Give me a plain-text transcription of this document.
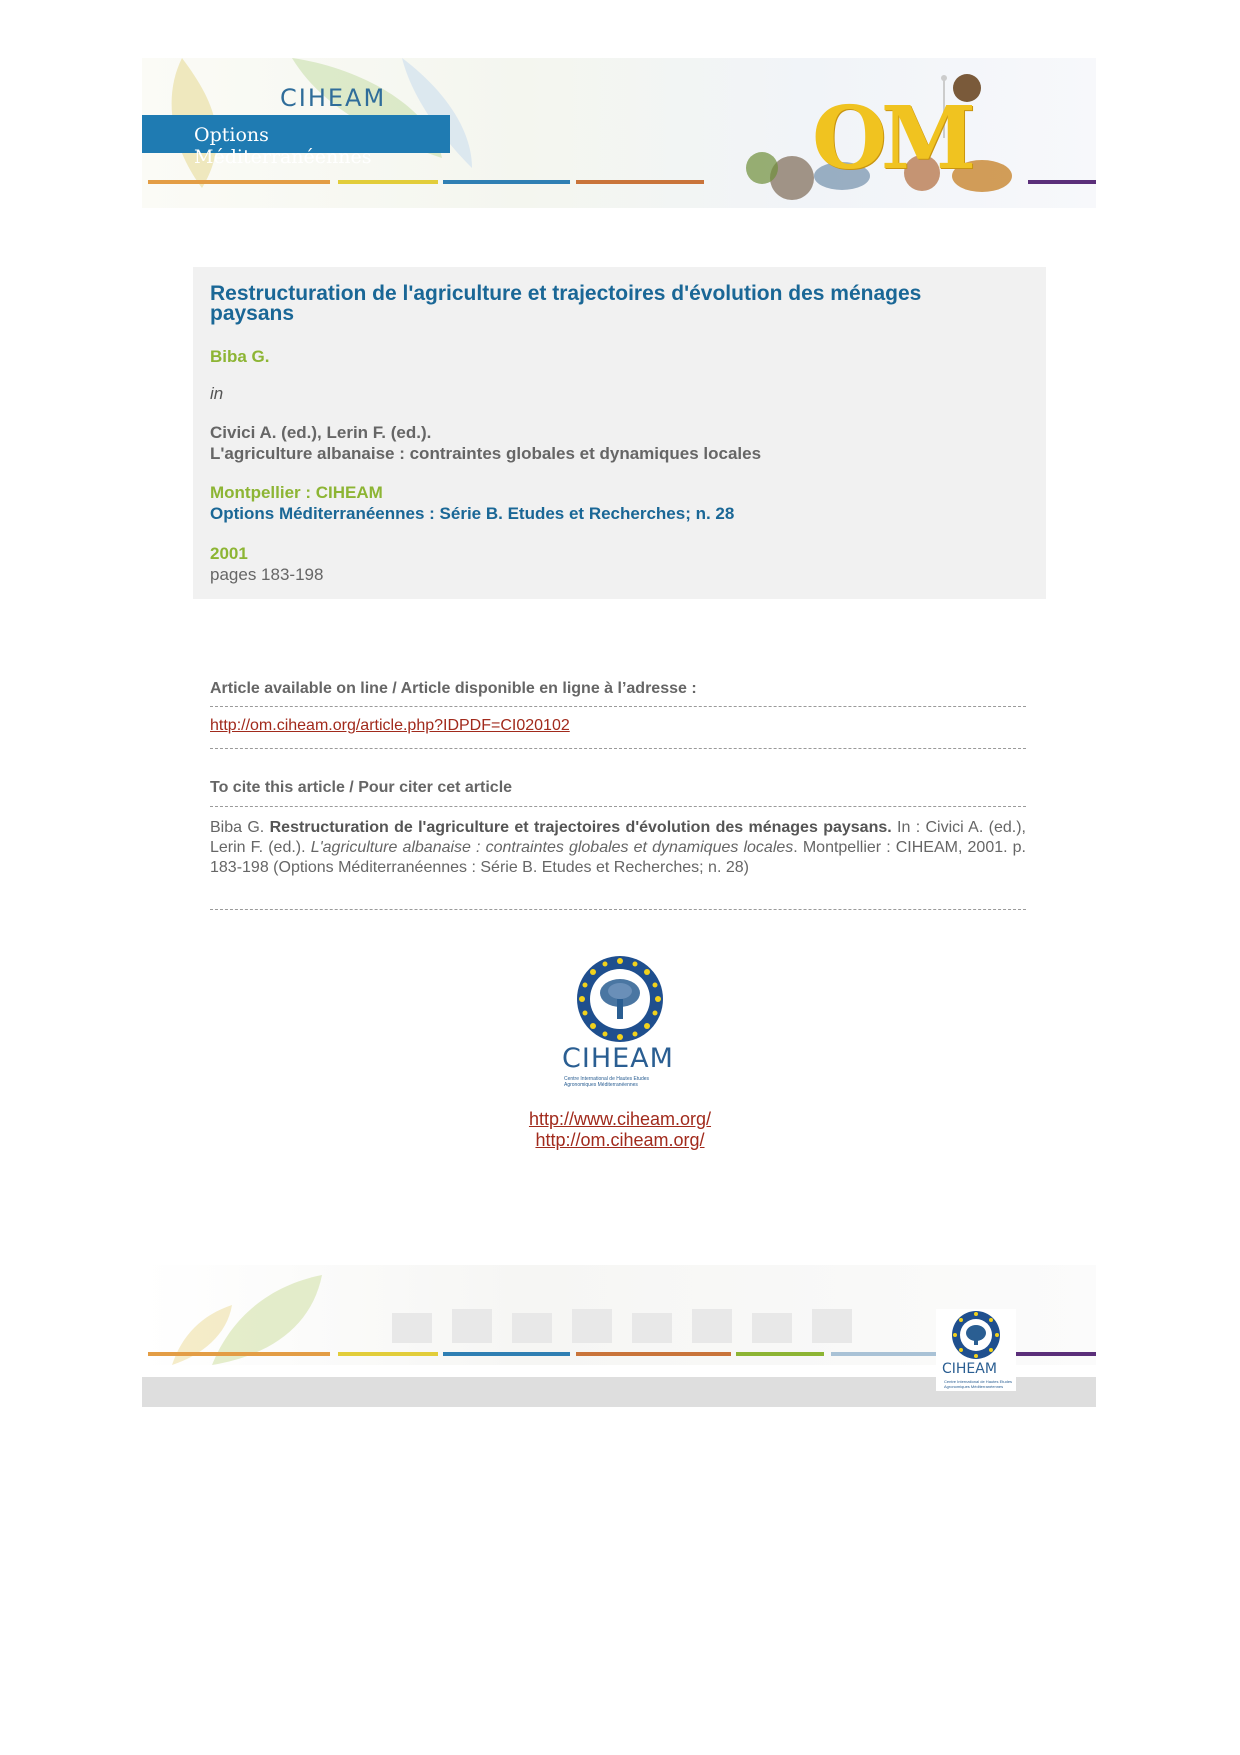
CIHEAM
Options Méditerranéennes	OM
Restructuration de l'agriculture et trajectoires d'évolution des ménages paysans
Biba G.
in
Civici A. (ed.), Lerin F. (ed.).
L'agriculture albanaise : contraintes globales et dynamiques locales
Montpellier : CIHEAM
Options Méditerranéennes : Série B. Etudes et Recherches; n. 28
2001
pages 183-198
Article available on line / Article disponible en ligne à l’adresse :
http://om.ciheam.org/article.php?IDPDF=CI020102
To cite this article / Pour citer cet article
Biba G. Restructuration de l'agriculture et trajectoires d'évolution des ménages paysans. In : Civici A. (ed.), Lerin F. (ed.). L'agriculture albanaise : contraintes globales et dynamiques locales. Montpellier : CIHEAM, 2001. p. 183-198 (Options Méditerranéennes : Série B. Etudes et Recherches; n. 28)
CIHEAM
Centre International de Hautes Etudes
Agronomiques Méditerranéennes
http://www.ciheam.org/
http://om.ciheam.org/
CIHEAM
Centre International de Hautes Etudes
Agronomiques Méditerranéennes
